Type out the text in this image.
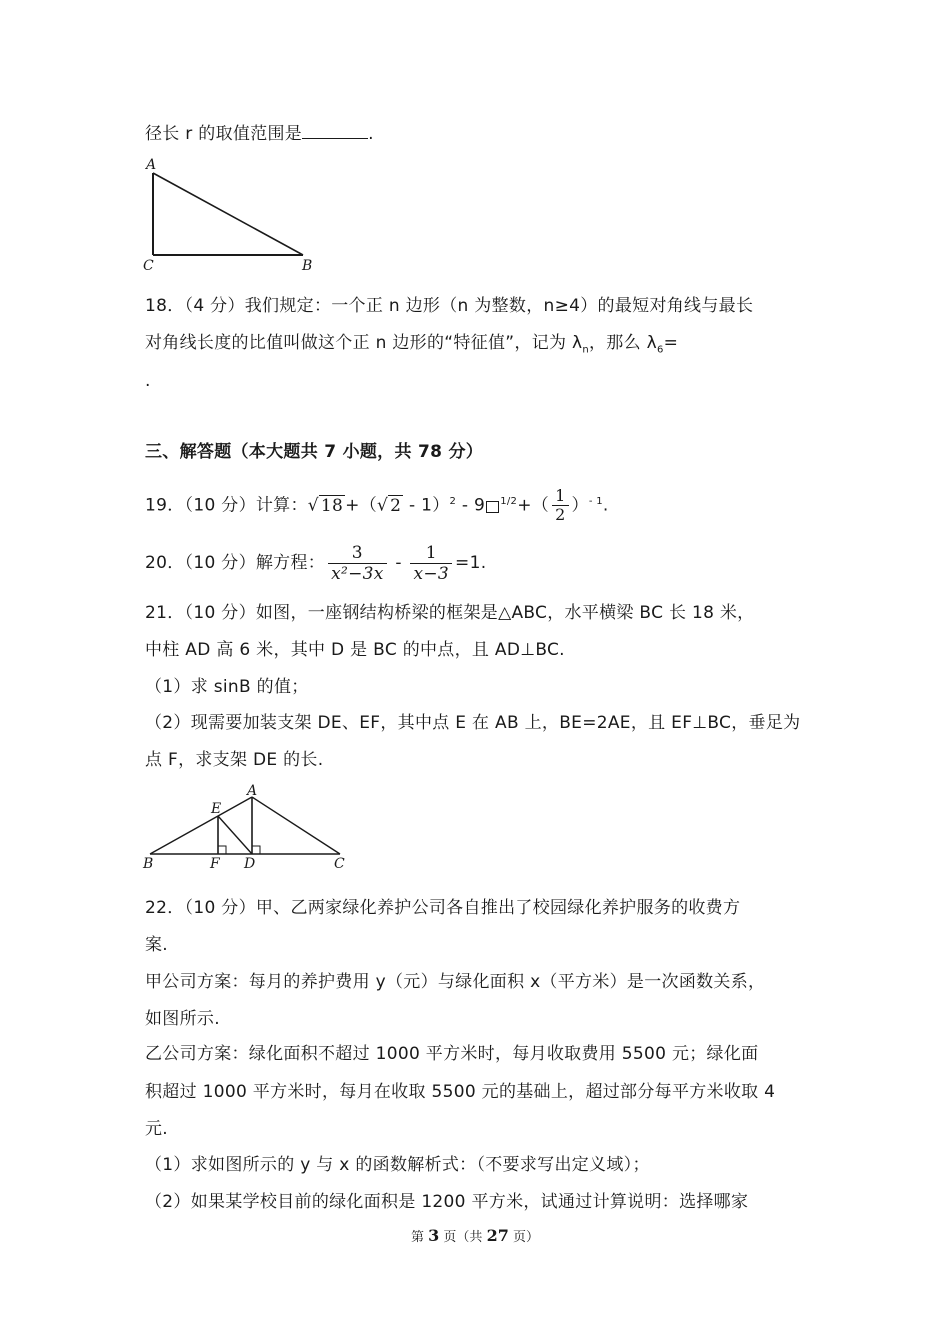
径长 r 的取值范围是	.
A
C	B
18．（4 分）我们规定：一个正 n 边形（n 为整数，n≥4）的最短对角线与最长
对角线长度的比值叫做这个正 n 边形的“特征值”，记为 $\lambda_n$，那么 $\lambda_6=$
.
三、解答题（本大题共 7 小题，共 78 分）
19．（10 分）计算：√ 18 +（√ 2 - 1）$^2$ - 9 $^{1/2}+( \frac{1}{2} )^{- 1}$.
20．（10 分）解方程： $\frac{3}{\text{x²−3x}} - \frac{1}{x-3} =1$.
21．（10 分）如图，一座钢结构桥梁的框架是△ABC，水平横梁 BC 长 18 米，
中柱 AD 高 6 米，其中 D 是 BC 的中点，且 AD⊥BC.
（1）求 sinB 的值；
（2）现需要加装支架 DE、EF，其中点 E 在 AB 上，BE=2AE，且 EF⊥BC，垂足为
点 F，求支架 DE 的长.
A
E
B	F D	C
22．（10 分）甲、乙两家绿化养护公司各自推出了校园绿化养护服务的收费方
案.
甲公司方案：每月的养护费用 y（元）与绿化面积 x（平方米）是一次函数关系，
如图所示.
乙公司方案：绿化面积不超过 1000 平方米时，每月收取费用 5500 元；绿化面
积超过 1000 平方米时，每月在收取 5500 元的基础上，超过部分每平方米收取 4
元.
（1）求如图所示的 y 与 x 的函数解析式：（不要求写出定义域）；
（2）如果某学校目前的绿化面积是 1200 平方米，试通过计算说明：选择哪家
第 3 页（共 27 页）
